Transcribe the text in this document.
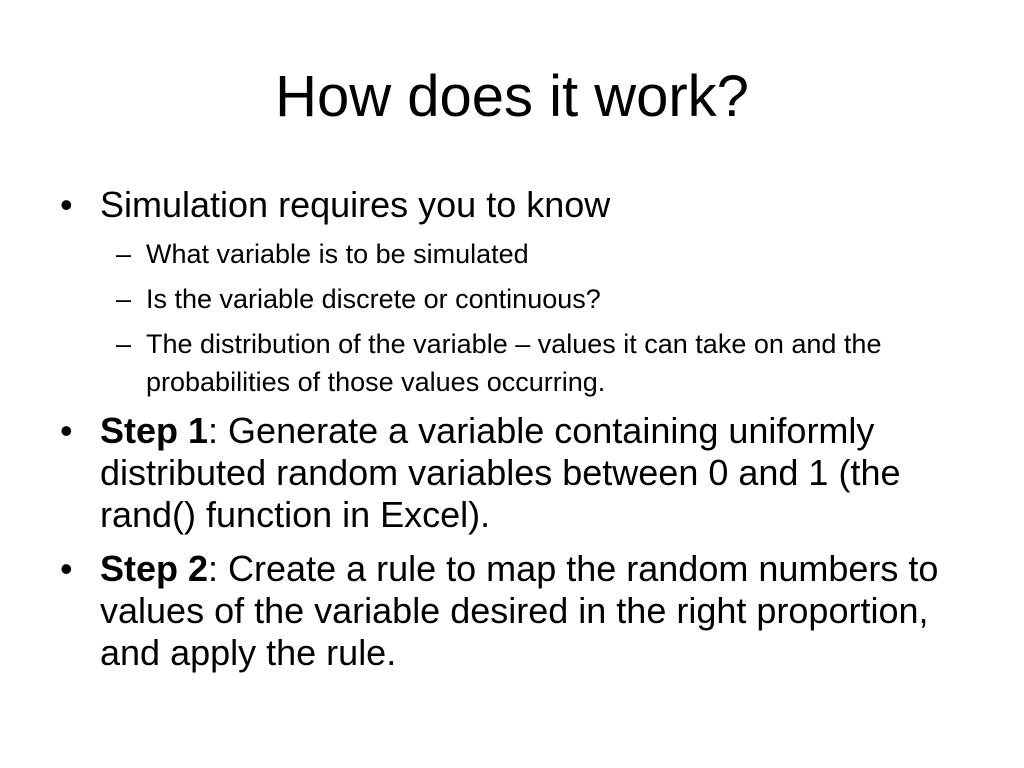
How does it work?
• Simulation requires you to know
– What variable is to be simulated
– Is the variable discrete or continuous?
– The distribution of the variable – values it can take on and the probabilities of those values occurring.
• Step 1: Generate a variable containing uniformly distributed random variables between 0 and 1 (the rand() function in Excel).
• Step 2: Create a rule to map the random numbers to values of the variable desired in the right proportion, and apply the rule.
